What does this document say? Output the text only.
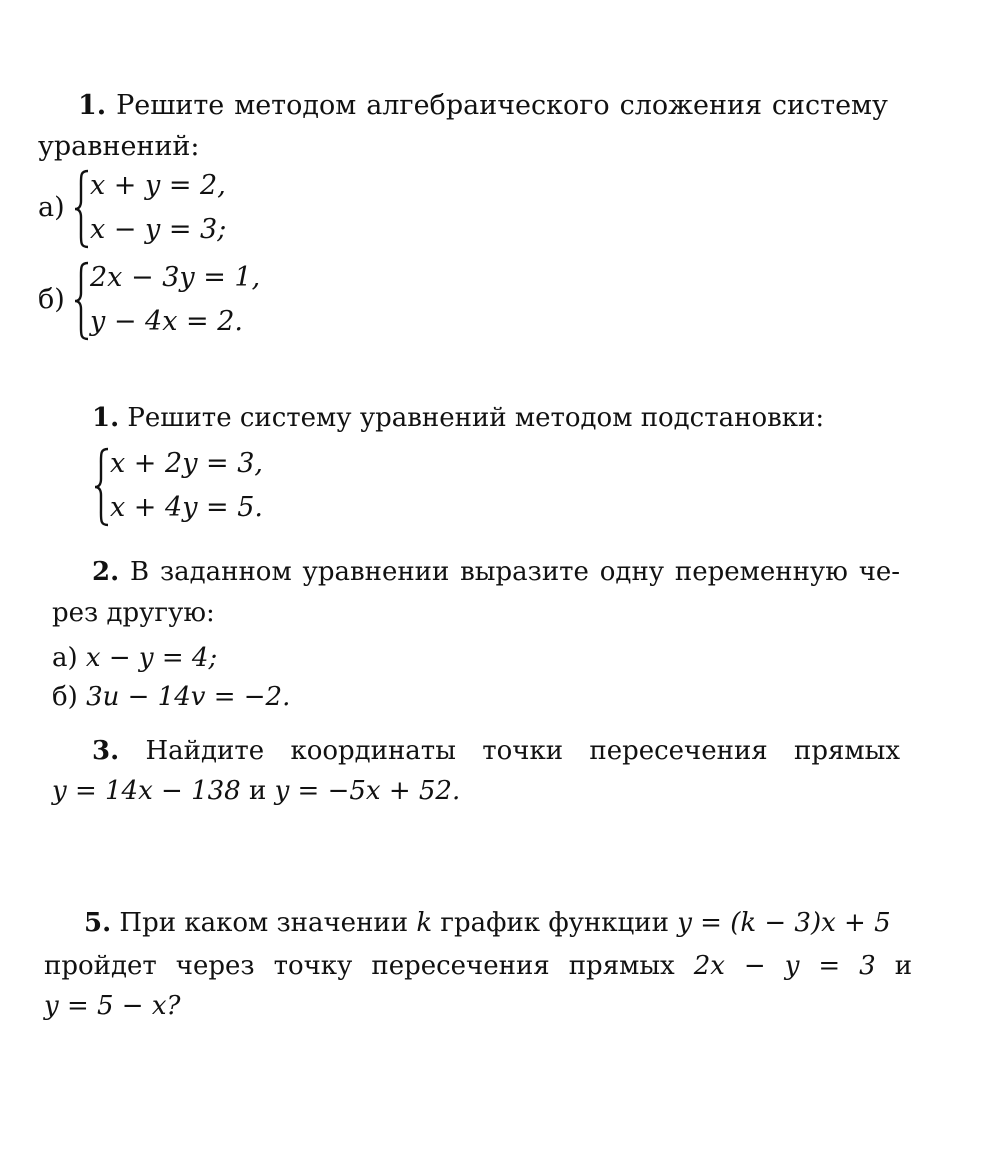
1. Решите методом алгебраического сложения систему
уравнений:
а)
x + y = 2,
x − y = 3;
б)
2x − 3y = 1,
y − 4x = 2.
1. Решите систему уравнений методом подстановки:
x + 2y = 3,
x + 4y = 5.
2. В заданном уравнении выразите одну переменную че-
рез другую:
а) x − y = 4;
б) 3u − 14v = −2.
3. Найдите координаты точки пересечения прямых
y = 14x − 138 и y = −5x + 52.
5. При каком значении k график функции y = (k − 3)x + 5
пройдет через точку пересечения прямых 2x − y = 3 и
y = 5 − x?
